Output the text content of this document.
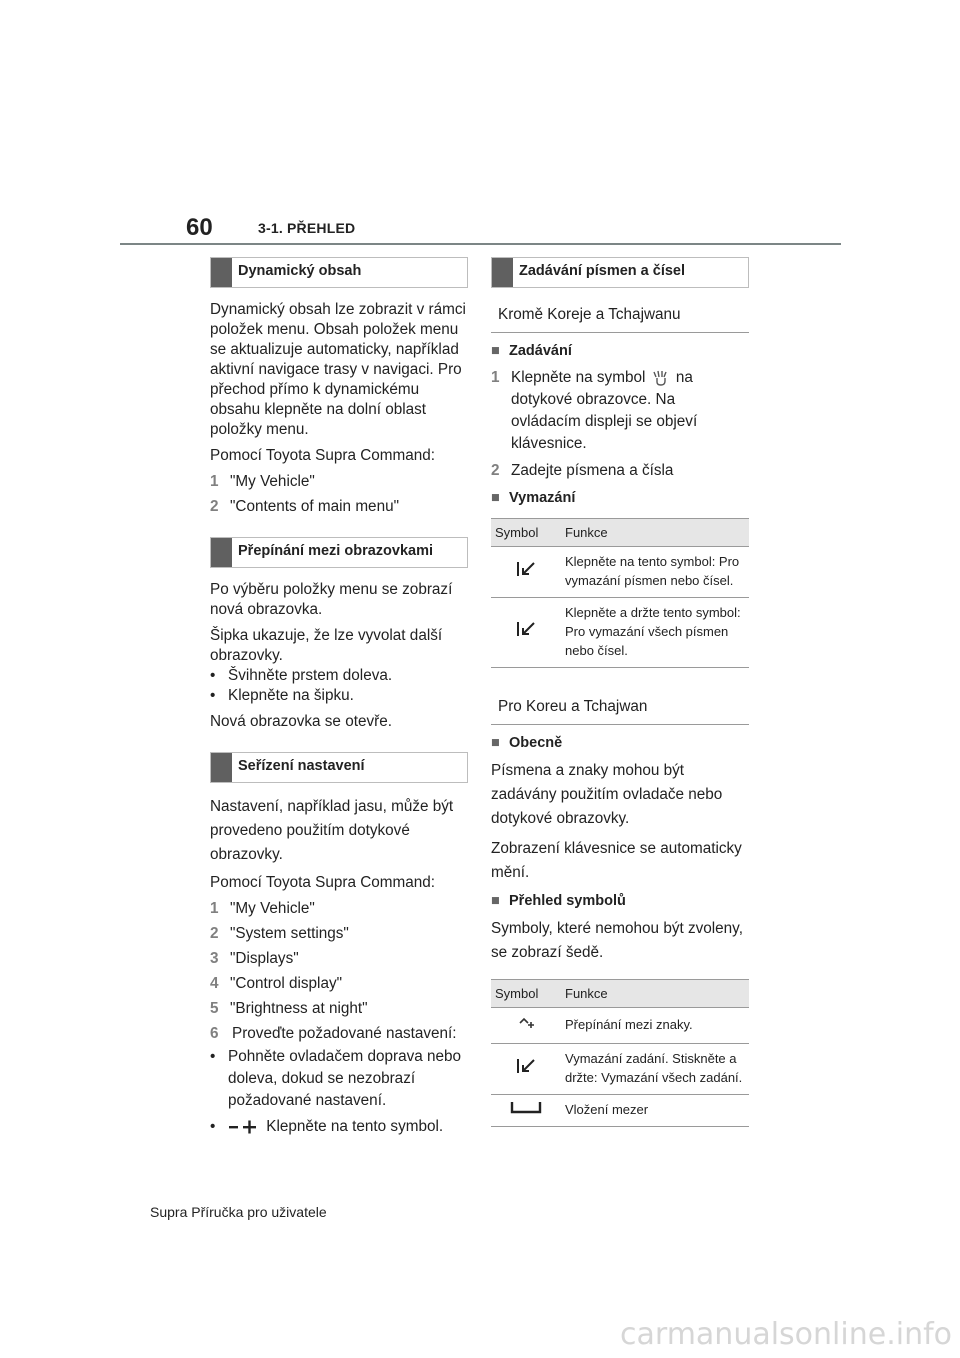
60	3-1. PŘEHLED
Dynamický obsah

Dynamický obsah lze zobrazit v rámci položek menu. Obsah položek menu se aktualizuje automaticky, například aktivní navigace trasy v navigaci. Pro přechod přímo k dynamickému obsahu klepněte na dolní oblast položky menu.

Pomocí Toyota Supra Command:

1 "My Vehicle"
2 "Contents of main menu"
Přepínání mezi obrazovkami

Po výběru položky menu se zobrazí nová obrazovka.

Šipka ukazuje, že lze vyvolat další obrazovky.

• Švihněte prstem doleva.
• Klepněte na šipku.

Nová obrazovka se otevře.

Seřízení nastavení

Nastavení, například jasu, může být provedeno použitím dotykové obrazovky.

Pomocí Toyota Supra Command:

1 "My Vehicle"
2 "System settings"
3 "Displays"
4 "Control display"
5 "Brightness at night"
6 Proveďte požadované nastavení:
• Pohněte ovladačem doprava nebo doleva, dokud se nezobrazí požadované nastavení.
•	Klepněte na tento symbol.
Zadávání písmen a čísel
Kromě Koreje a Tchajwanu
■ Zadávání
1 Klepněte na symbol na dotykové obrazovce. Na ovládacím displeji se objeví klávesnice.
2 Zadejte písmena a čísla
■ Vymazání
Symbol	Funkce
	Klepněte na tento symbol: Pro vymazání písmen nebo čísel.
	Klepněte a držte tento symbol: Pro vymazání všech písmen nebo čísel.
Pro Koreu a Tchajwan
■ Obecně

Písmena a znaky mohou být zadávány použitím ovladače nebo dotykové obrazovky.

Zobrazení klávesnice se automaticky mění.

■ Přehled symbolů

Symboly, které nemohou být zvoleny, se zobrazí šedě.

Symbol	Funkce
	Přepínání mezi znaky.
	Vymazání zadání. Stiskněte a držte: Vymazání všech zadání.
	Vložení mezer
Supra Příručka pro uživatele
carmanualsonline.info
